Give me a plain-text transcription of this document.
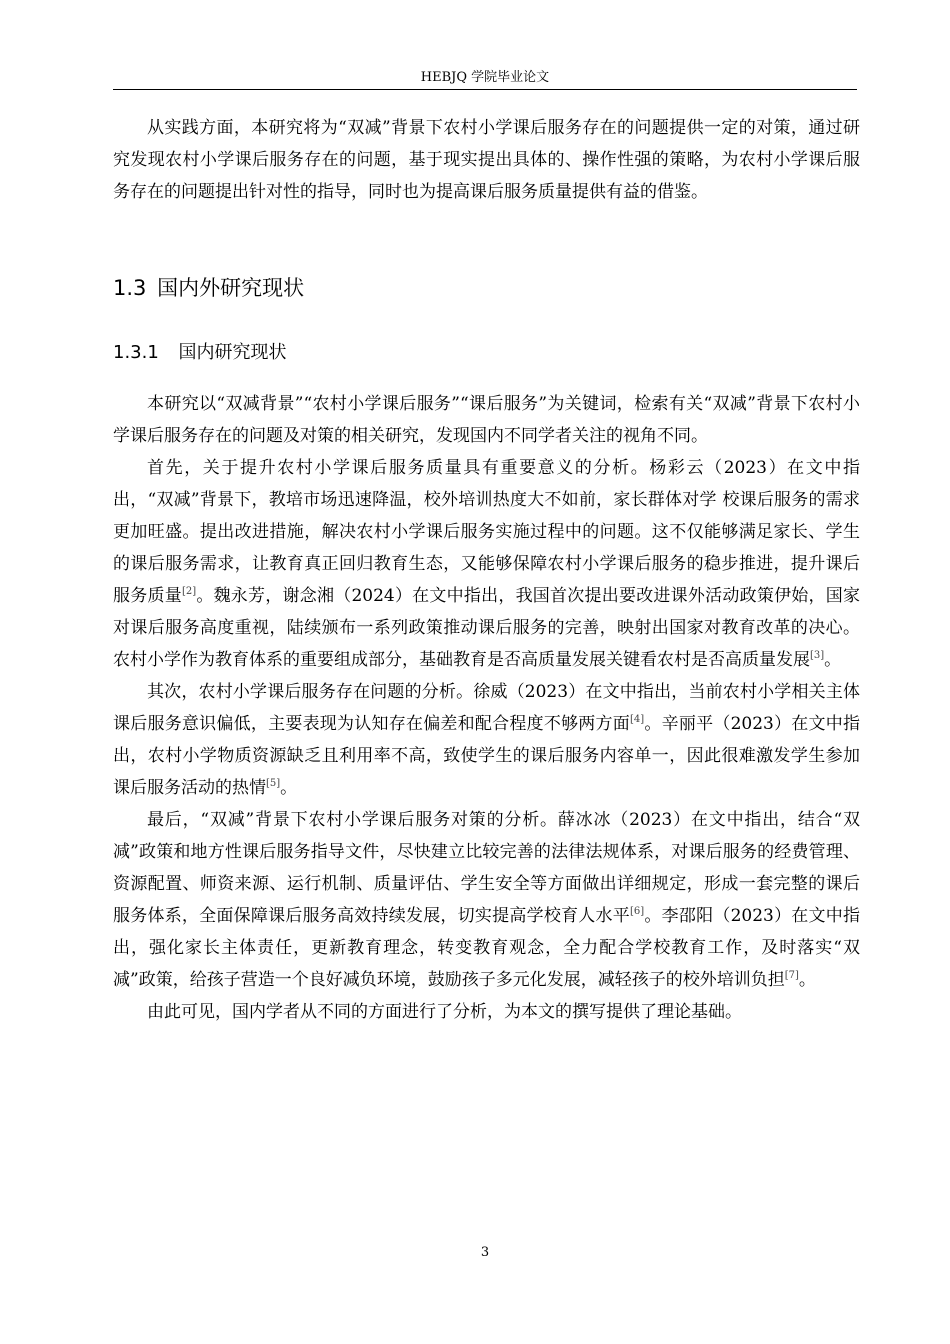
HEBJQ 学院毕业论文

从实践方面，本研究将为“双减”背景下农村小学课后服务存在的问题提供一定的对策，通过研究发现农村小学课后服务存在的问题，基于现实提出具体的、操作性强的策略，为农村小学课后服务存在的问题提出针对性的指导，同时也为提高课后服务质量提供有益的借鉴。

1.3 国内外研究现状
1.3.1 国内研究现状

本研究以“双减背景”“农村小学课后服务”“课后服务”为关键词，检索有关“双减”背景下农村小学课后服务存在的问题及对策的相关研究，发现国内不同学者关注的视角不同。

首先，关于提升农村小学课后服务质量具有重要意义的分析。杨彩云（2023）在文中指出，“双减”背景下，教培市场迅速降温，校外培训热度大不如前，家长群体对学 校课后服务的需求更加旺盛。提出改进措施，解决农村小学课后服务实施过程中的问题。这不仅能够满足家长、学生的课后服务需求，让教育真正回归教育生态，又能够保障农村小学课后服务的稳步推进，提升课后服务质量[2]。魏永芳，谢念湘（2024）在文中指出，我国首次提出要改进课外活动政策伊始，国家对课后服务高度重视，陆续颁布一系列政策推动课后服务的完善，映射出国家对教育改革的决心。农村小学作为教育体系的重要组成部分，基础教育是否高质量发展关键看农村是否高质量发展[3]。

其次，农村小学课后服务存在问题的分析。徐威（2023）在文中指出，当前农村小学相关主体课后服务意识偏低，主要表现为认知存在偏差和配合程度不够两方面[4]。辛丽平（2023）在文中指出，农村小学物质资源缺乏且利用率不高，致使学生的课后服务内容单一，因此很难激发学生参加课后服务活动的热情[5]。

最后，“双减”背景下农村小学课后服务对策的分析。薛冰冰（2023）在文中指出，结合“双减”政策和地方性课后服务指导文件，尽快建立比较完善的法律法规体系，对课后服务的经费管理、资源配置、师资来源、运行机制、质量评估、学生安全等方面做出详细规定，形成一套完整的课后服务体系，全面保障课后服务高效持续发展，切实提高学校育人水平[6]。李邵阳（2023）在文中指出，强化家长主体责任，更新教育理念，转变教育观念，全力配合学校教育工作，及时落实“双减”政策，给孩子营造一个良好减负环境，鼓励孩子多元化发展，减轻孩子的校外培训负担[7]。

由此可见，国内学者从不同的方面进行了分析，为本文的撰写提供了理论基础。

3
